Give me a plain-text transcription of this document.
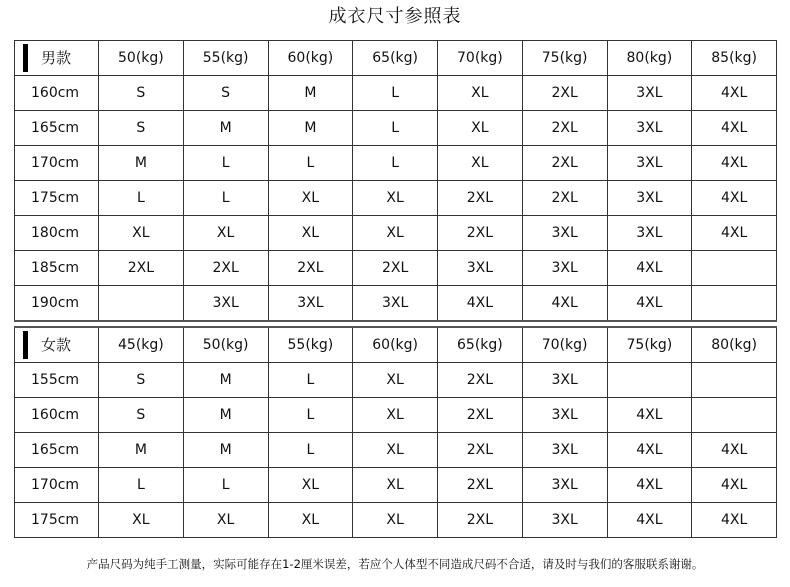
成衣尺寸参照表
男款	50(kg)	55(kg)	60(kg)	65(kg)	70(kg)	75(kg)	80(kg)	85(kg)
160cm	S	S	M	L	XL	2XL	3XL	4XL
165cm	S	M	M	L	XL	2XL	3XL	4XL
170cm	M	L	L	L	XL	2XL	3XL	4XL
175cm	L	L	XL	XL	2XL	2XL	3XL	4XL
180cm	XL	XL	XL	XL	2XL	3XL	3XL	4XL
185cm	2XL	2XL	2XL	2XL	3XL	3XL	4XL	
190cm		3XL	3XL	3XL	4XL	4XL	4XL	

女款	45(kg)	50(kg)	55(kg)	60(kg)	65(kg)	70(kg)	75(kg)	80(kg)
155cm	S	M	L	XL	2XL	3XL		
160cm	S	M	L	XL	2XL	3XL	4XL	
165cm	M	M	L	XL	2XL	3XL	4XL	4XL
170cm	L	L	XL	XL	2XL	3XL	4XL	4XL
175cm	XL	XL	XL	XL	2XL	3XL	4XL	4XL
产品尺码为纯手工测量，实际可能存在1-2厘米误差，若应个人体型不同造成尺码不合适，请及时与我们的客服联系谢谢。
